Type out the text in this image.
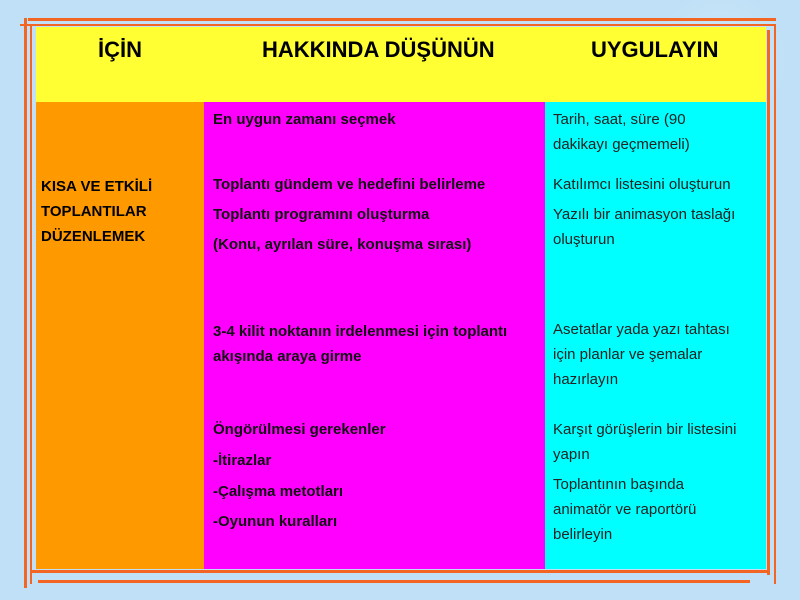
İÇİN	HAKKINDA DÜŞÜNÜN	UYGULAYIN
KISA VE ETKİLİ
TOPLANTILAR
DÜZENLEMEK
En uygun zamanı seçmek
Toplantı gündem ve hedefini belirleme
Toplantı programını oluşturma
(Konu, ayrılan süre, konuşma sırası)
3-4 kilit noktanın irdelenmesi için toplantı
akışında araya girme
Öngörülmesi gerekenler
-İtirazlar
-Çalışma metotları
-Oyunun kuralları
Tarih, saat, süre (90
dakikayı geçmemeli)
Katılımcı listesini oluşturun
Yazılı bir animasyon taslağı
oluşturun
Asetatlar yada yazı tahtası
için planlar ve şemalar
hazırlayın
Karşıt görüşlerin bir listesini
yapın
Toplantının başında
animatör ve raportörü
belirleyin
